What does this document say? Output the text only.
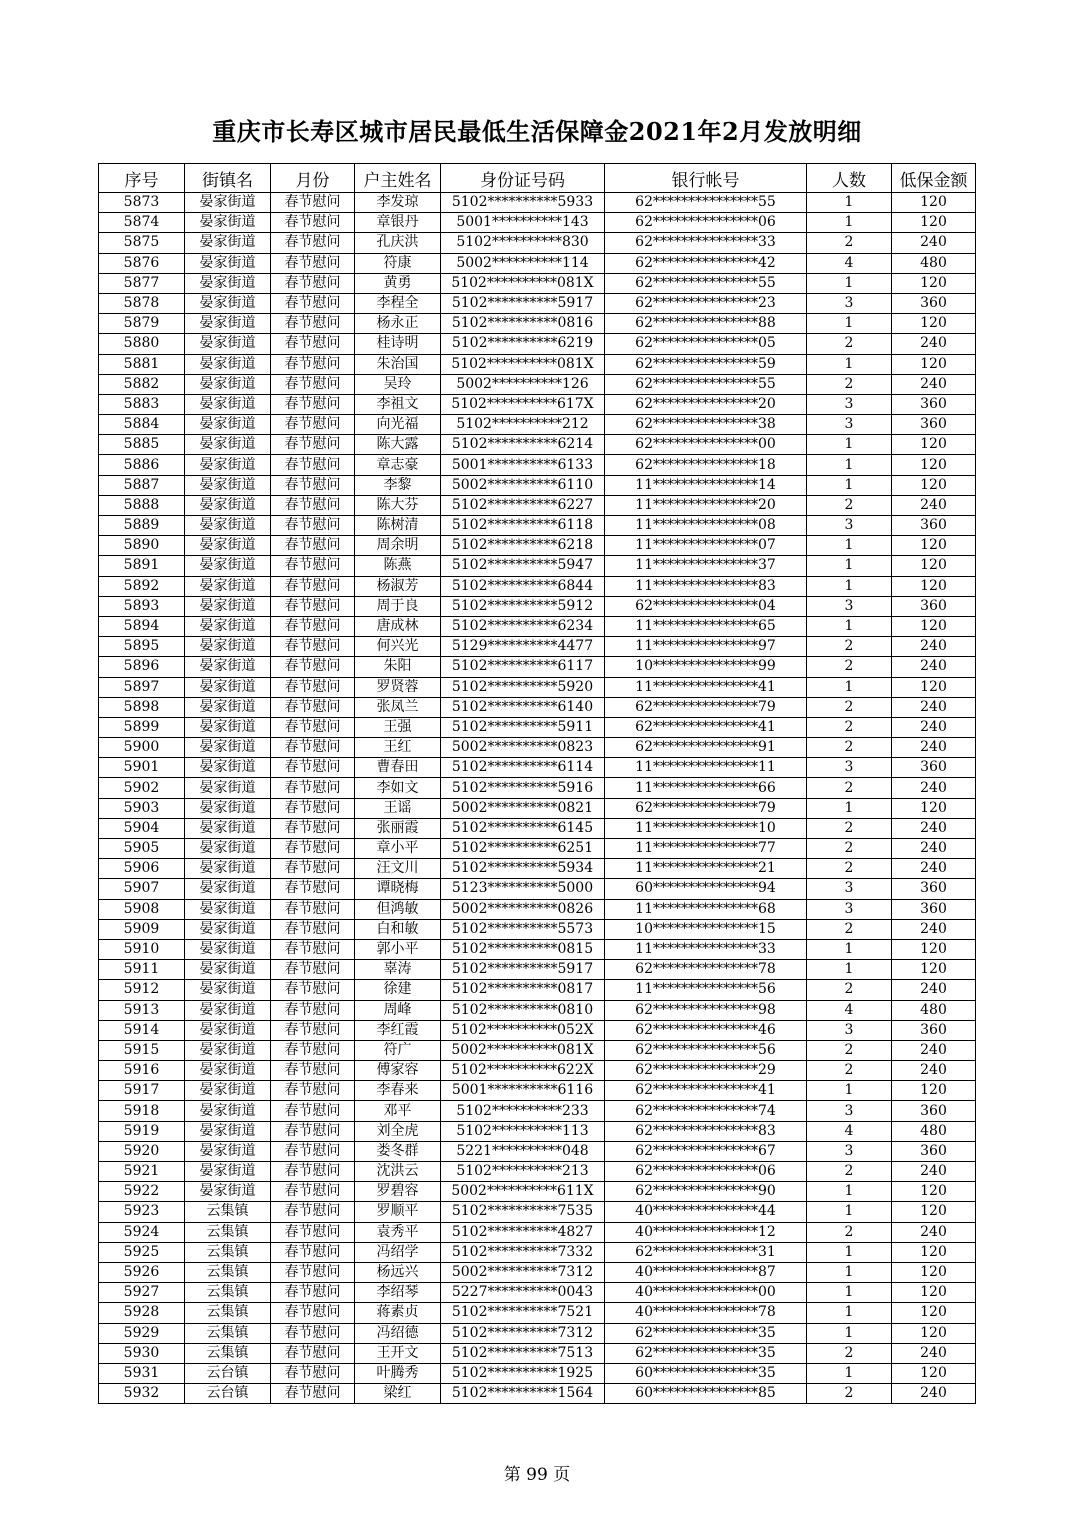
重庆市长寿区城市居民最低生活保障金2021年2月发放明细
序号	街镇名	月份	户主姓名	身份证号码	银行帐号	人数	低保金额
5873	晏家街道	春节慰问	李发琼	5102**********5933	62***************55	1	120
5874	晏家街道	春节慰问	章银丹	5001**********143	62***************06	1	120
5875	晏家街道	春节慰问	孔庆洪	5102**********830	62***************33	2	240
5876	晏家街道	春节慰问	符康	5002**********114	62***************42	4	480
5877	晏家街道	春节慰问	黄勇	5102**********081X	62***************55	1	120
5878	晏家街道	春节慰问	李程全	5102**********5917	62***************23	3	360
5879	晏家街道	春节慰问	杨永正	5102**********0816	62***************88	1	120
5880	晏家街道	春节慰问	桂诗明	5102**********6219	62***************05	2	240
5881	晏家街道	春节慰问	朱治国	5102**********081X	62***************59	1	120
5882	晏家街道	春节慰问	吴玲	5002**********126	62***************55	2	240
5883	晏家街道	春节慰问	李祖文	5102**********617X	62***************20	3	360
5884	晏家街道	春节慰问	向光福	5102**********212	62***************38	3	360
5885	晏家街道	春节慰问	陈大露	5102**********6214	62***************00	1	120
5886	晏家街道	春节慰问	章志豪	5001**********6133	62***************18	1	120
5887	晏家街道	春节慰问	李黎	5002**********6110	11***************14	1	120
5888	晏家街道	春节慰问	陈大芬	5102**********6227	11***************20	2	240
5889	晏家街道	春节慰问	陈树清	5102**********6118	11***************08	3	360
5890	晏家街道	春节慰问	周余明	5102**********6218	11***************07	1	120
5891	晏家街道	春节慰问	陈燕	5102**********5947	11***************37	1	120
5892	晏家街道	春节慰问	杨淑芳	5102**********6844	11***************83	1	120
5893	晏家街道	春节慰问	周于良	5102**********5912	62***************04	3	360
5894	晏家街道	春节慰问	唐成林	5102**********6234	11***************65	1	120
5895	晏家街道	春节慰问	何兴光	5129**********4477	11***************97	2	240
5896	晏家街道	春节慰问	朱阳	5102**********6117	10***************99	2	240
5897	晏家街道	春节慰问	罗贤蓉	5102**********5920	11***************41	1	120
5898	晏家街道	春节慰问	张凤兰	5102**********6140	62***************79	2	240
5899	晏家街道	春节慰问	王强	5102**********5911	62***************41	2	240
5900	晏家街道	春节慰问	王红	5002**********0823	62***************91	2	240
5901	晏家街道	春节慰问	曹春田	5102**********6114	11***************11	3	360
5902	晏家街道	春节慰问	李如文	5102**********5916	11***************66	2	240
5903	晏家街道	春节慰问	王谣	5002**********0821	62***************79	1	120
5904	晏家街道	春节慰问	张丽霞	5102**********6145	11***************10	2	240
5905	晏家街道	春节慰问	章小平	5102**********6251	11***************77	2	240
5906	晏家街道	春节慰问	汪文川	5102**********5934	11***************21	2	240
5907	晏家街道	春节慰问	谭晓梅	5123**********5000	60***************94	3	360
5908	晏家街道	春节慰问	但鸿敏	5002**********0826	11***************68	3	360
5909	晏家街道	春节慰问	白和敏	5102**********5573	10***************15	2	240
5910	晏家街道	春节慰问	郭小平	5102**********0815	11***************33	1	120
5911	晏家街道	春节慰问	辜涛	5102**********5917	62***************78	1	120
5912	晏家街道	春节慰问	徐建	5102**********0817	11***************56	2	240
5913	晏家街道	春节慰问	周峰	5102**********0810	62***************98	4	480
5914	晏家街道	春节慰问	李红霞	5102**********052X	62***************46	3	360
5915	晏家街道	春节慰问	符广	5002**********081X	62***************56	2	240
5916	晏家街道	春节慰问	傅家容	5102**********622X	62***************29	2	240
5917	晏家街道	春节慰问	李春来	5001**********6116	62***************41	1	120
5918	晏家街道	春节慰问	邓平	5102**********233	62***************74	3	360
5919	晏家街道	春节慰问	刘全虎	5102**********113	62***************83	4	480
5920	晏家街道	春节慰问	娄冬群	5221**********048	62***************67	3	360
5921	晏家街道	春节慰问	沈洪云	5102**********213	62***************06	2	240
5922	晏家街道	春节慰问	罗碧容	5002**********611X	62***************90	1	120
5923	云集镇	春节慰问	罗顺平	5102**********7535	40***************44	1	120
5924	云集镇	春节慰问	袁秀平	5102**********4827	40***************12	2	240
5925	云集镇	春节慰问	冯绍学	5102**********7332	62***************31	1	120
5926	云集镇	春节慰问	杨远兴	5002**********7312	40***************87	1	120
5927	云集镇	春节慰问	李绍琴	5227**********0043	40***************00	1	120
5928	云集镇	春节慰问	蒋素贞	5102**********7521	40***************78	1	120
5929	云集镇	春节慰问	冯绍德	5102**********7312	62***************35	1	120
5930	云集镇	春节慰问	王开文	5102**********7513	62***************35	2	240
5931	云台镇	春节慰问	叶腾秀	5102**********1925	60***************35	1	120
5932	云台镇	春节慰问	梁红	5102**********1564	60***************85	2	240
第 99 页
